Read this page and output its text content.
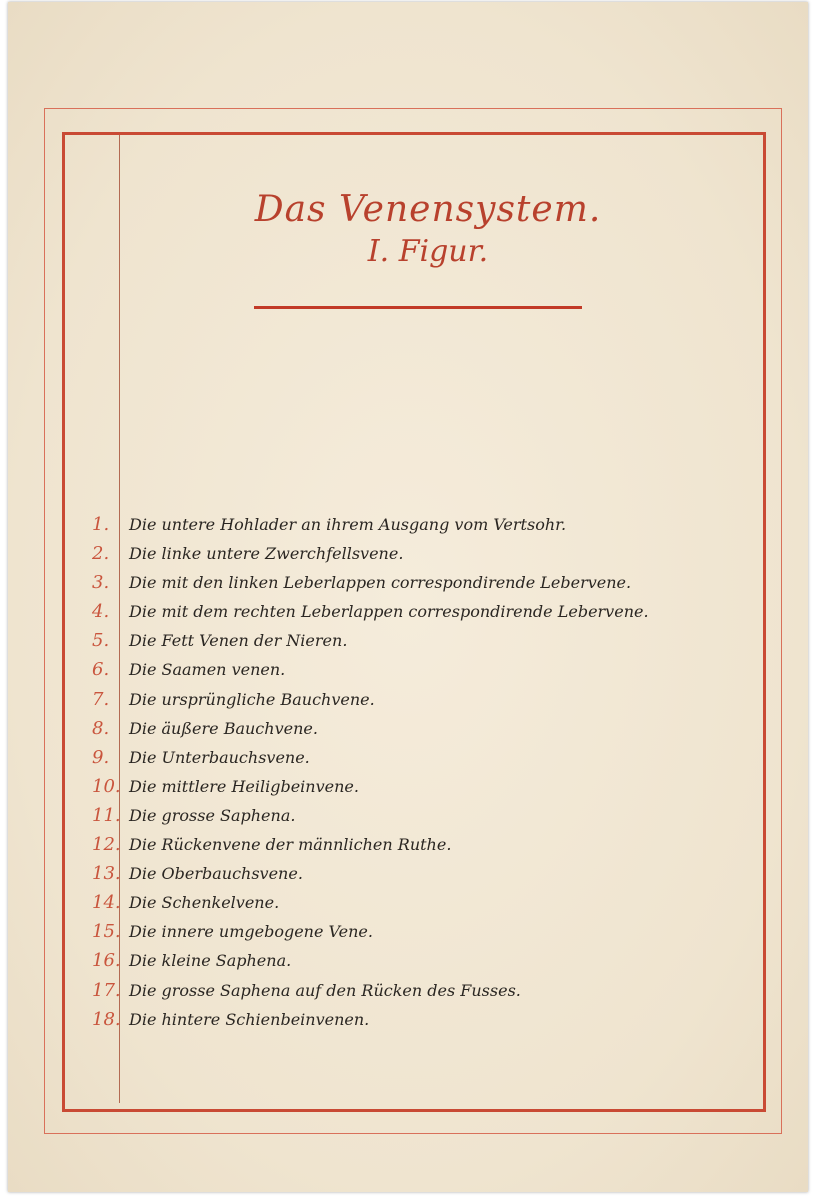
Das Venensystem.
I. Figur.
1.	Die untere Hohlader an ihrem Ausgang vom Vertsohr.
2.	Die linke untere Zwerchfellsvene.
3.	Die mit den linken Leberlappen correspondirende Lebervene.
4.	Die mit dem rechten Leberlappen correspondirende Lebervene.
5.	Die Fett Venen der Nieren.
6.	Die Saamen venen.
7.	Die ursprüngliche Bauchvene.
8.	Die äußere Bauchvene.
9.	Die Unterbauchsvene.
10. Die mittlere Heiligbeinvene.
11. Die grosse Saphena.
12. Die Rückenvene der männlichen Ruthe.
13. Die Oberbauchsvene.
14. Die Schenkelvene.
15. Die innere umgebogene Vene.
16. Die kleine Saphena.
17. Die grosse Saphena auf den Rücken des Fusses.
18. Die hintere Schienbeinvenen.
